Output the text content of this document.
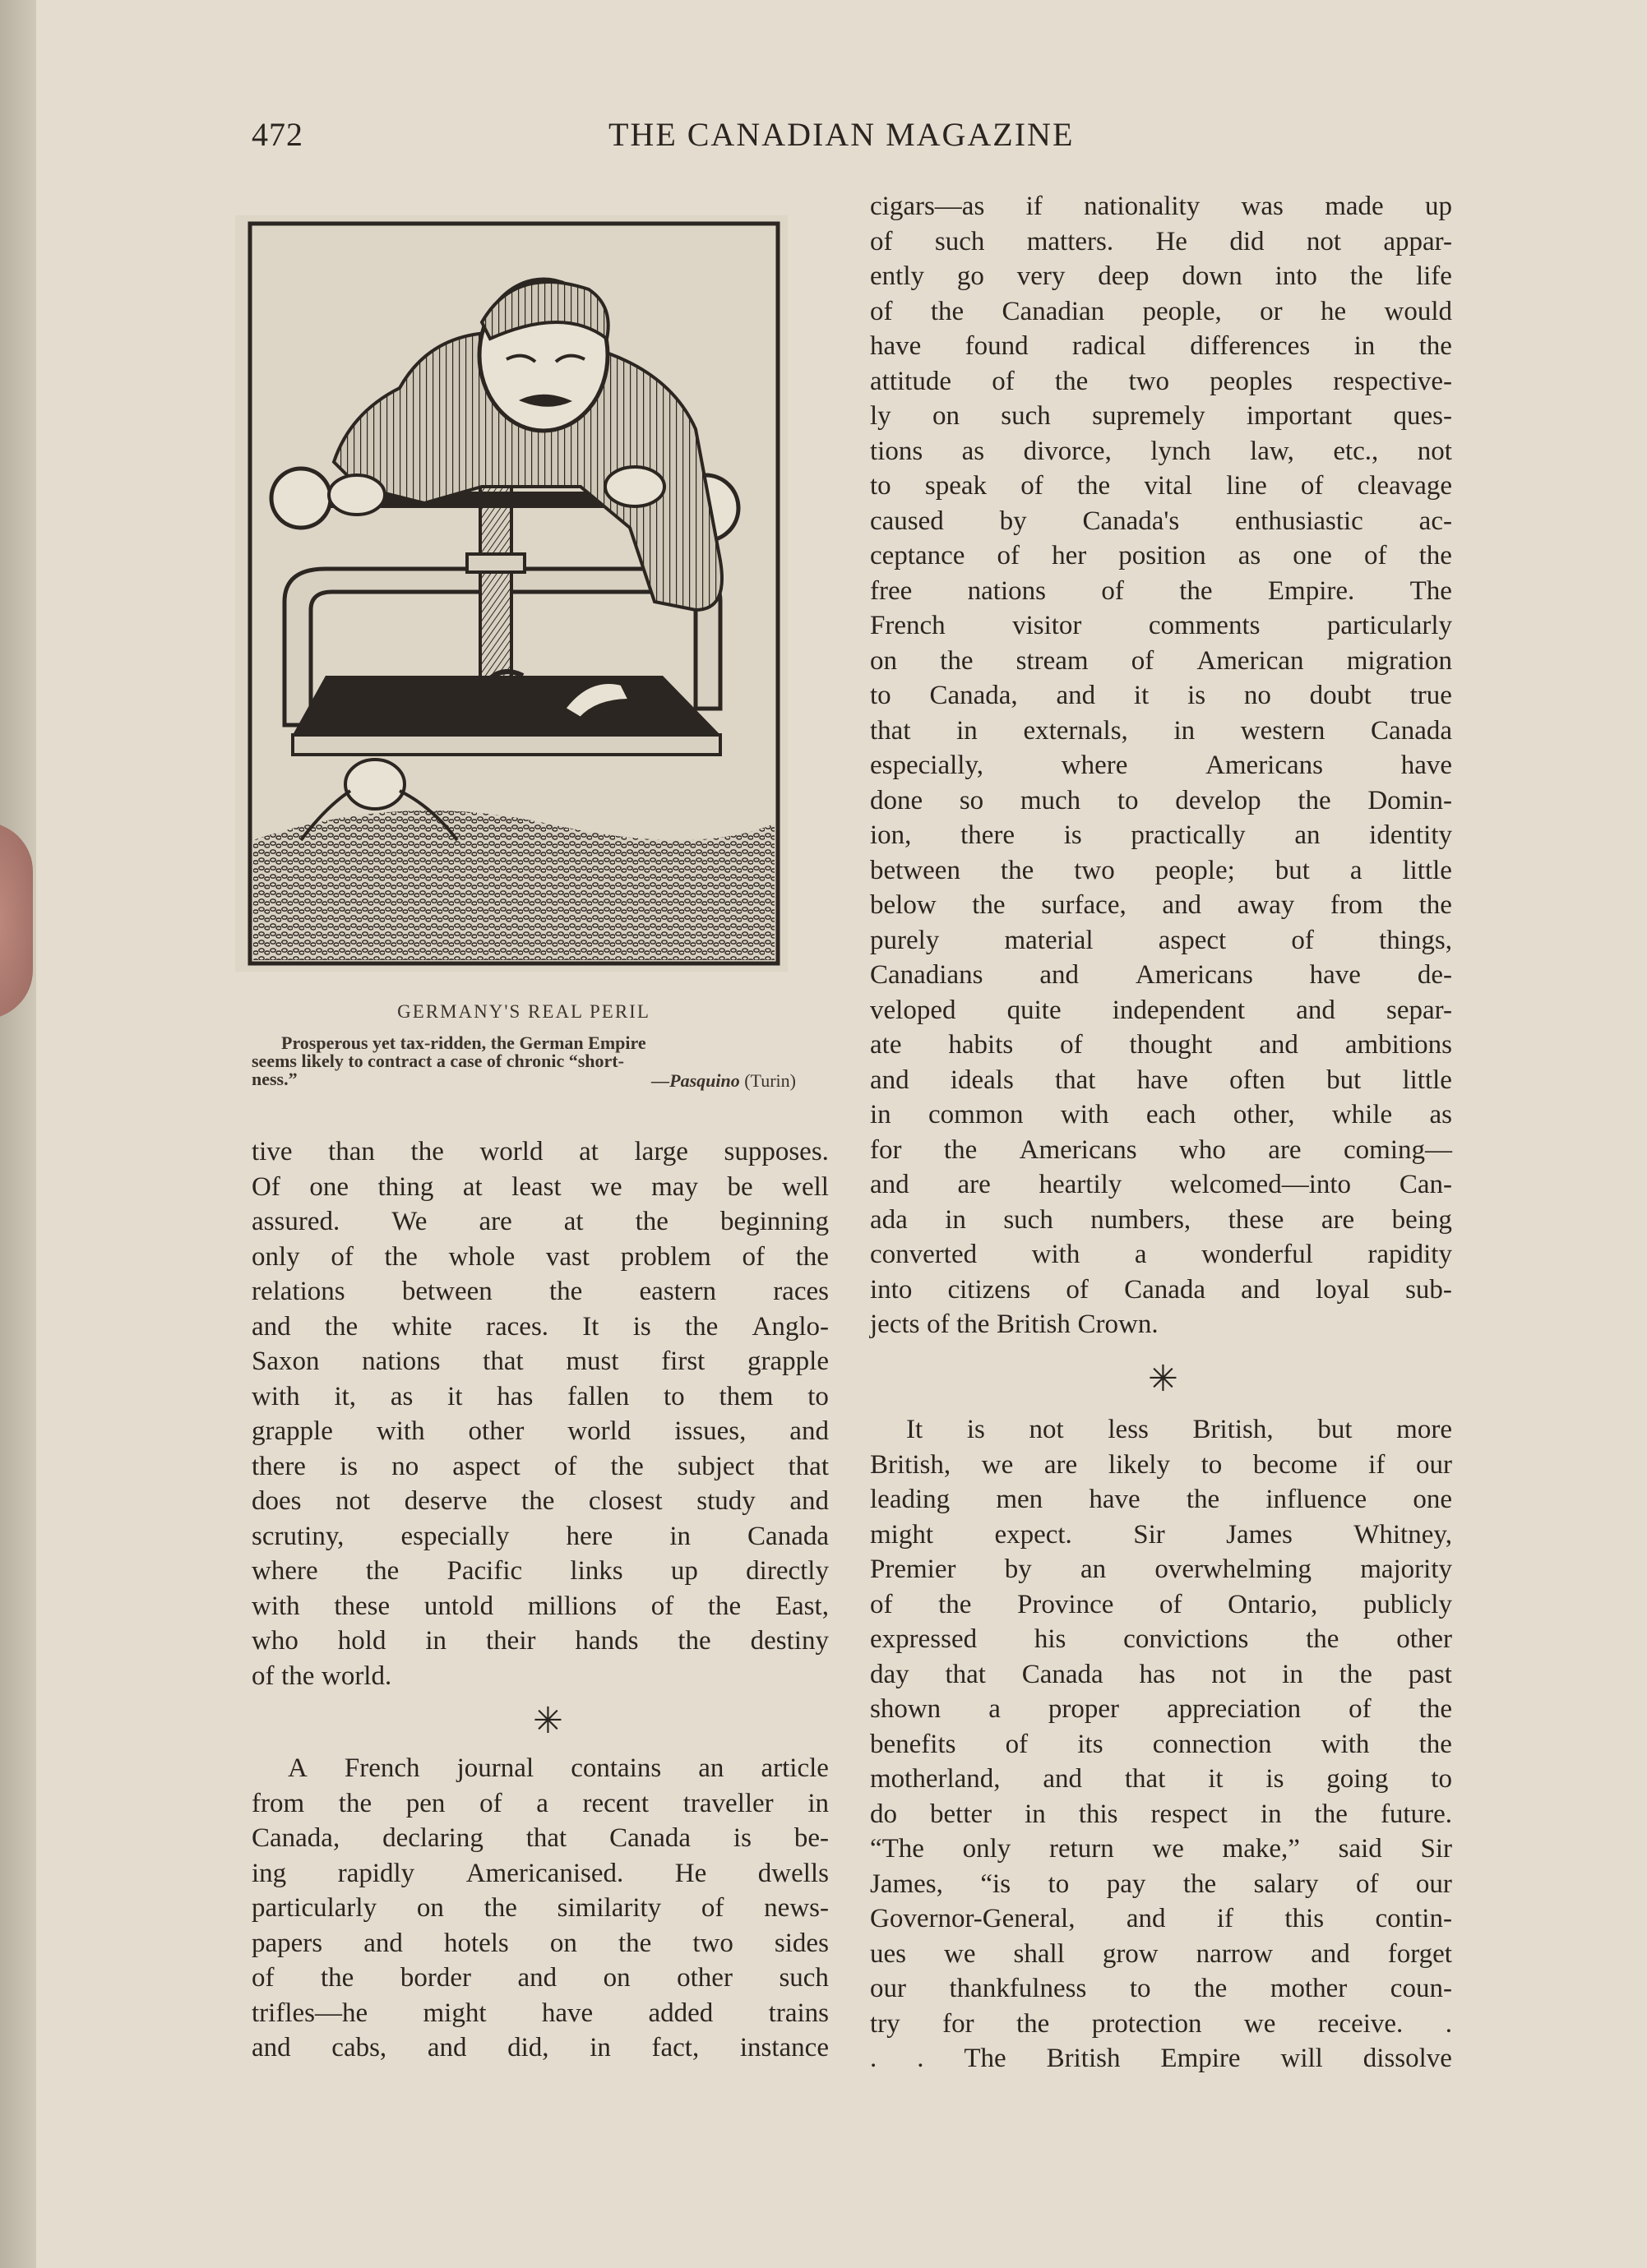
472	THE CANADIAN MAGAZINE
GERMANY'S REAL PERIL
Prosperous yet tax-ridden, the German Empire
seems likely to contract a case of chronic “short-
ness.”	—Pasquino (Turin)
tive than the world at large supposes.
Of one thing at least we may be well
assured. We are at the beginning
only of the whole vast problem of the
relations between the eastern races
and the white races. It is the Anglo-
Saxon nations that must first grapple
with it, as it has fallen to them to
grapple with other world issues, and
there is no aspect of the subject that
does not deserve the closest study and
scrutiny, especially here in Canada
where the Pacific links up directly
with these untold millions of the East,
who hold in their hands the destiny
of the world.
✳
A French journal contains an article
from the pen of a recent traveller in
Canada, declaring that Canada is be-
ing rapidly Americanised. He dwells
particularly on the similarity of news-
papers and hotels on the two sides
of the border and on other such
trifles—he might have added trains
and cabs, and did, in fact, instance
cigars—as if nationality was made up
of such matters. He did not appar-
ently go very deep down into the life
of the Canadian people, or he would
have found radical differences in the
attitude of the two peoples respective-
ly on such supremely important ques-
tions as divorce, lynch law, etc., not
to speak of the vital line of cleavage
caused by Canada's enthusiastic ac-
ceptance of her position as one of the
free nations of the Empire. The
French visitor comments particularly
on the stream of American migration
to Canada, and it is no doubt true
that in externals, in western Canada
especially,	where	Americans	have
done so much to develop the Domin-
ion, there is practically an identity
between the two people; but a little
below the surface, and away from the
purely material aspect of things,
Canadians and Americans have de-
veloped quite independent and separ-
ate habits of thought and ambitions
and ideals that have often but little
in common with each other, while as
for the Americans who are coming—
and are heartily welcomed—into Can-
ada in such numbers, these are being
converted with a wonderful rapidity
into citizens of Canada and loyal sub-
jects of the British Crown.
✳
It is not less British, but more
British, we are likely to become if our
leading men have the influence one
might expect. Sir James Whitney,
Premier by an overwhelming majority
of the Province of Ontario, publicly
expressed his convictions the other
day that Canada has not in the past
shown a proper appreciation of the
benefits of its connection with the
motherland, and that it is going to
do better in this respect in the future.
“The only return we make,” said Sir
James, “is to pay the salary of our
Governor-General, and if this contin-
ues we shall grow narrow and forget
our thankfulness to the mother coun-
try for the protection we receive. .
. . The British Empire will dissolve
